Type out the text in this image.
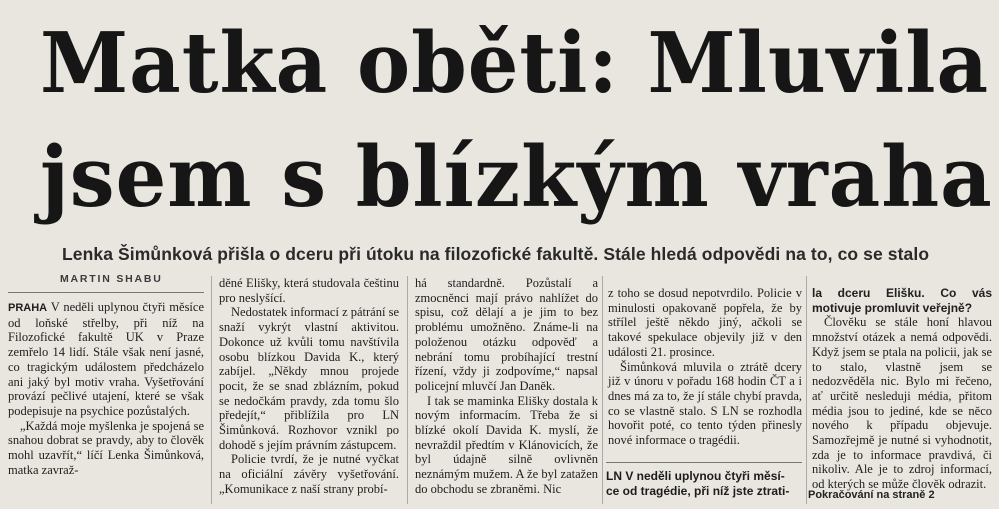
Matka oběti: Mluvila
jsem s blízkým vraha
Lenka Šimůnková přišla o dceru při útoku na filozofické fakultě. Stále hledá odpovědi na to, co se stalo
MARTIN SHABU

PRAHA V neděli uplynou čtyři měsíce od loňské střelby, při níž na Filozofické fakultě UK v Praze zemřelo 14 lidí. Stále však není jasné, co tragickým událostem předcházelo ani jaký byl motiv vraha. Vyšetřování provází pečlivé utajení, které se však podepisuje na psychice pozůstalých.

„Každá moje myšlenka je spojená se snahou dobrat se pravdy, aby to člověk mohl uzavřít,“ líčí Lenka Šimůnková, matka zavraž-

děné Elišky, která studovala češtinu pro neslyšící.

Nedostatek informací z pátrání se snaží vykrýt vlastní aktivitou. Dokonce už kvůli tomu navštívila osobu blízkou Davida K., který zabíjel. „Někdy mnou projede pocit, že se snad zblázním, pokud se nedočkám pravdy, zda tomu šlo předejít,“ přiblížila pro LN Šimůnková. Rozhovor vznikl po dohodě s jejím právním zástupcem.

Policie tvrdí, že je nutné vyčkat na oficiální závěry vyšetřování. „Komunikace z naší strany probí-

há standardně. Pozůstalí a zmocněnci mají právo nahlížet do spisu, což dělají a je jim to bez problému umožněno. Známe-li na položenou otázku odpověď a nebrání tomu probíhající trestní řízení, vždy ji zodpovíme,“ napsal policejní mluvčí Jan Daněk.

I tak se maminka Elišky dostala k novým informacím. Třeba že si blízké okolí Davida K. myslí, že nevraždil předtím v Klánovicích, že byl údajně silně ovlivněn neznámým mužem. A že byl zatažen do obchodu se zbraněmi. Nic

z toho se dosud nepotvrdilo. Policie v minulosti opakovaně popřela, že by střílel ještě někdo jiný, ačkoli se takové spekulace objevily již v den události 21. prosince.

Šimůnková mluvila o ztrátě dcery již v únoru v pořadu 168 hodin ČT a i dnes má za to, že jí stále chybí pravda, co se vlastně stalo. S LN se rozhodla hovořit poté, co tento týden přinesly nové informace o tragédii.

LN V neděli uplynou čtyři měsí-
ce od tragédie, při níž jste ztrati-

la dceru Elišku. Co vás motivuje promluvit veřejně?

Člověku se stále honí hlavou množství otázek a nemá odpovědi. Když jsem se ptala na policii, jak se to stalo, vlastně jsem se nedozvěděla nic. Bylo mi řečeno, ať určitě nesleduji média, přitom média jsou to jediné, kde se něco nového k případu objevuje. Samozřejmě je nutné si vyhodnotit, zda je to informace pravdivá, či nikoliv. Ale je to zdroj informací, od kterých se může člověk odrazit.

Pokračování na straně 2
